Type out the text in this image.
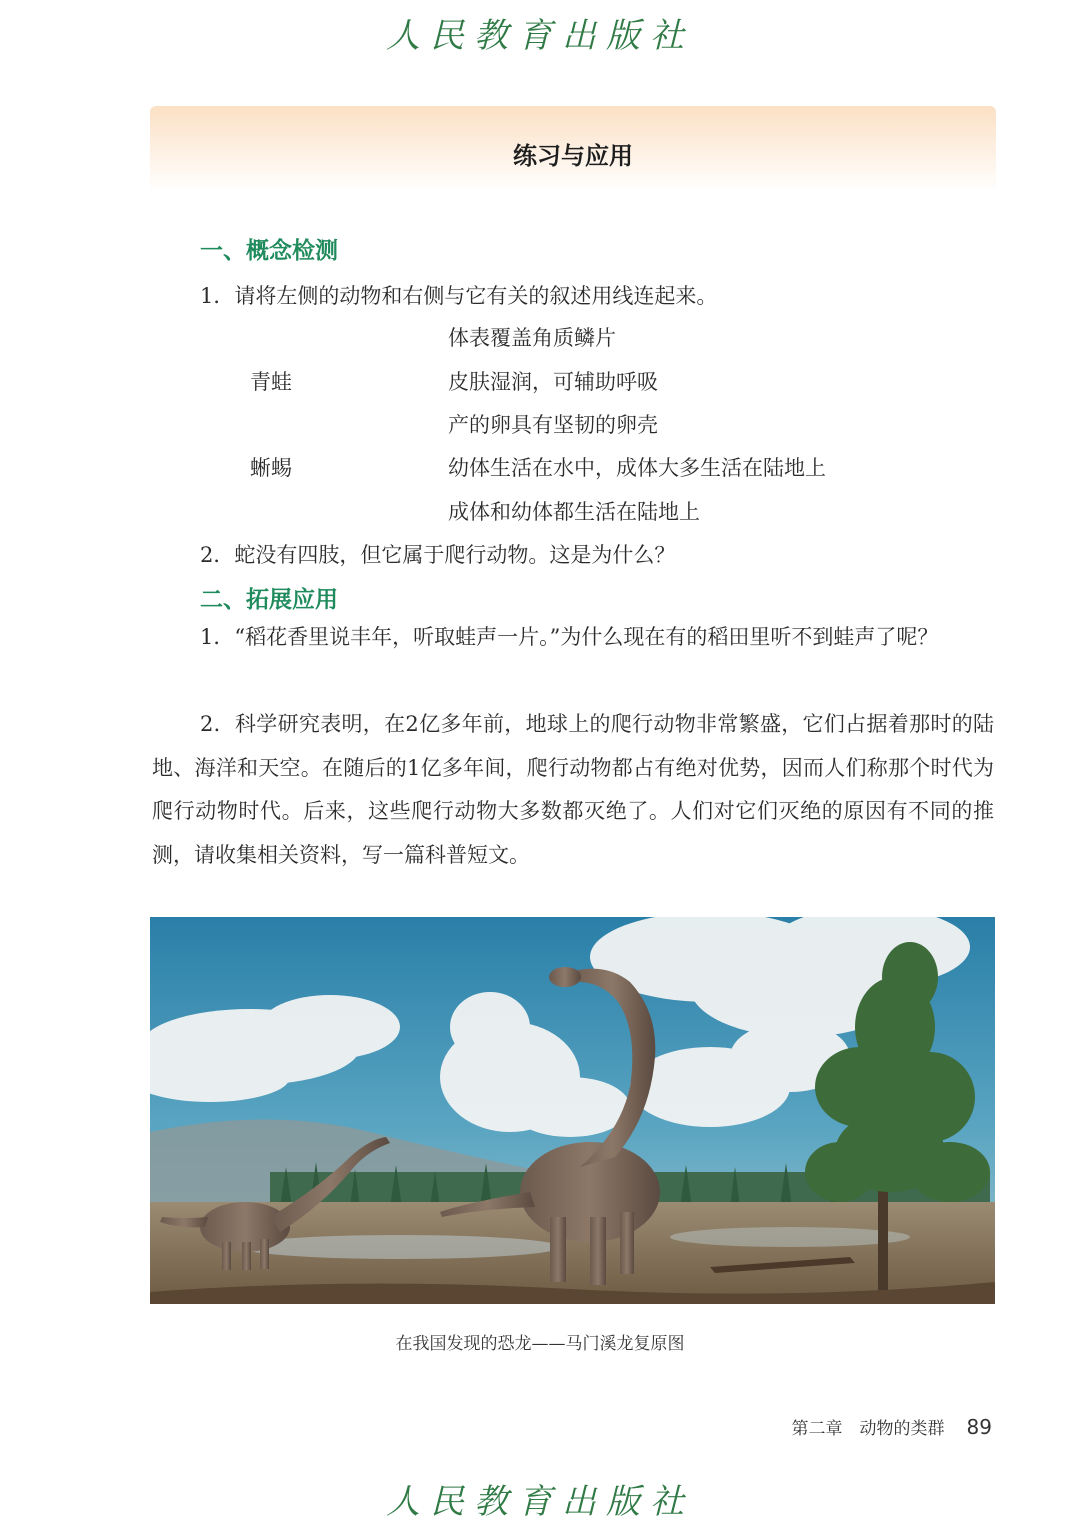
人民教育出版社
练习与应用
一、概念检测
1．请将左侧的动物和右侧与它有关的叙述用线连起来。
体表覆盖角质鳞片
青蛙	皮肤湿润，可辅助呼吸
产的卵具有坚韧的卵壳
蜥蜴	幼体生活在水中，成体大多生活在陆地上
成体和幼体都生活在陆地上
2．蛇没有四肢，但它属于爬行动物。这是为什么？
二、拓展应用
1．“稻花香里说丰年，听取蛙声一片。”为什么现在有的稻田里听不到蛙声了呢？
2．科学研究表明，在2亿多年前，地球上的爬行动物非常繁盛，它们占据着那时的陆地、海洋和天空。在随后的1亿多年间，爬行动物都占有绝对优势，因而人们称那个时代为爬行动物时代。后来，这些爬行动物大多数都灭绝了。人们对它们灭绝的原因有不同的推测，请收集相关资料，写一篇科普短文。
在我国发现的恐龙——马门溪龙复原图
第二章　动物的类群 89
人民教育出版社
